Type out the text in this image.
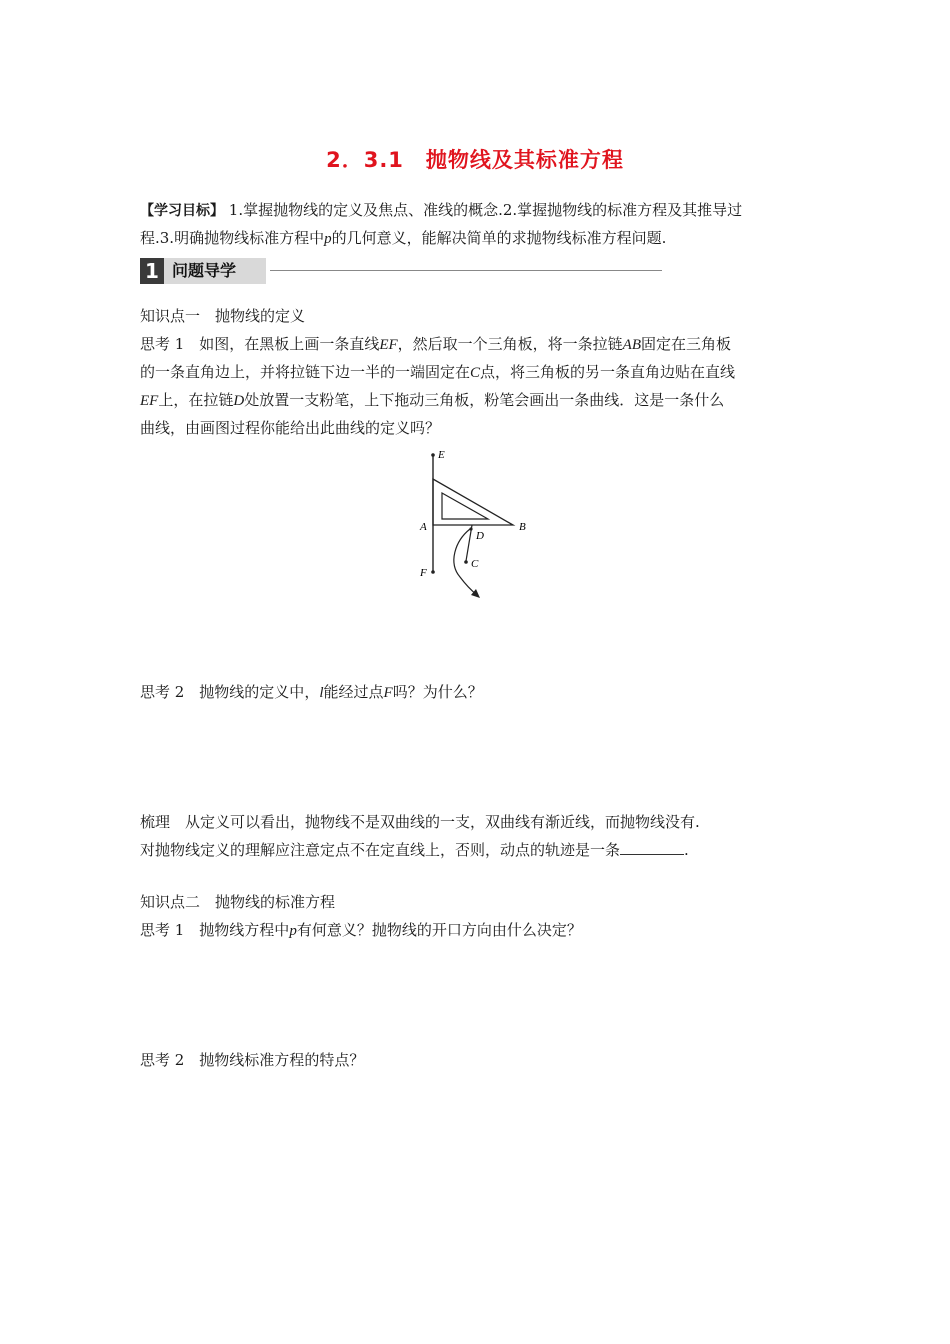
2．3.1　抛物线及其标准方程
【学习目标】 1.掌握抛物线的定义及焦点、准线的概念.2.掌握抛物线的标准方程及其推导过
程.3.明确抛物线标准方程中p的几何意义，能解决简单的求抛物线标准方程问题.
1 问题导学
知识点一　抛物线的定义
思考 1　如图，在黑板上画一条直线EF，然后取一个三角板，将一条拉链AB固定在三角板
的一条直角边上，并将拉链下边一半的一端固定在C点，将三角板的另一条直角边贴在直线
EF上，在拉链D处放置一支粉笔，上下拖动三角板，粉笔会画出一条曲线．这是一条什么
曲线，由画图过程你能给出此曲线的定义吗？
E
A	B
D
F
C
思考 2　抛物线的定义中，l能经过点F吗？为什么？
梳理　从定义可以看出，抛物线不是双曲线的一支，双曲线有渐近线，而抛物线没有.
对抛物线定义的理解应注意定点不在定直线上，否则，动点的轨迹是一条	.
知识点二　抛物线的标准方程
思考 1　抛物线方程中p有何意义？抛物线的开口方向由什么决定？
思考 2　抛物线标准方程的特点？
